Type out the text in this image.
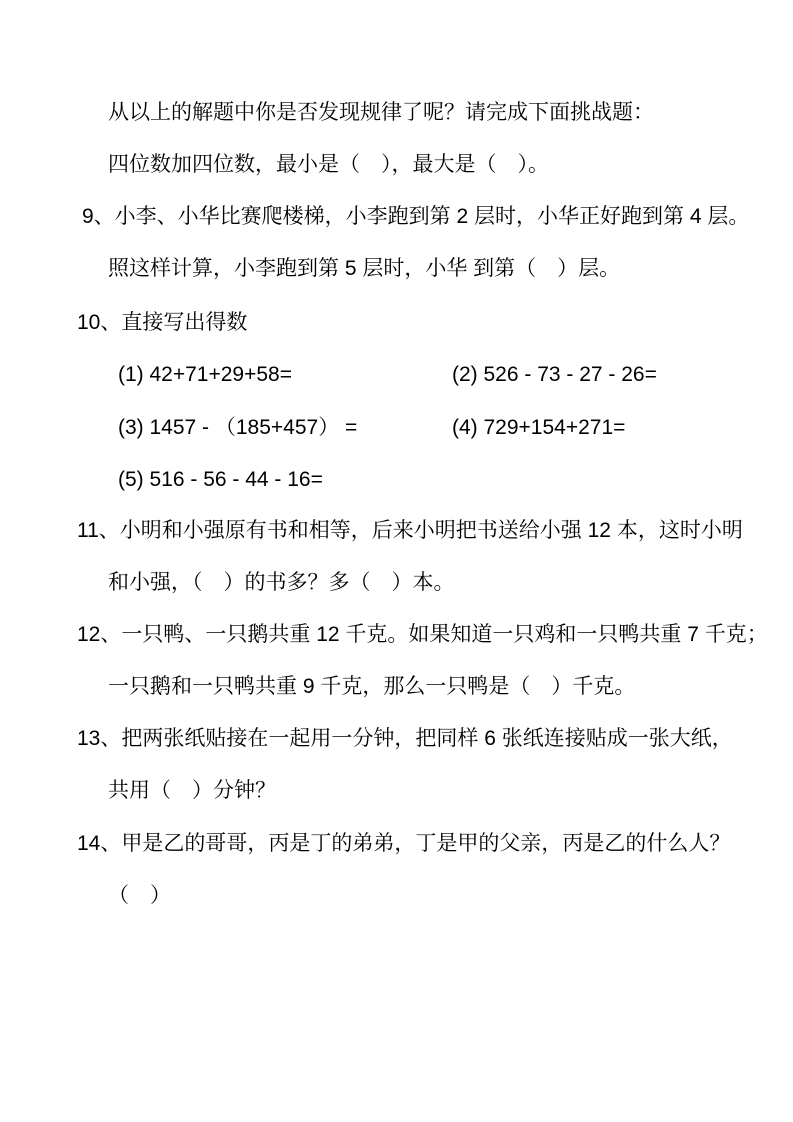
从以上的解题中你是否发现规律了呢？请完成下面挑战题：
四位数加四位数，最小是（　），最大是（　）。
9、小李、小华比赛爬楼梯，小李跑到第 2 层时，小华正好跑到第 4 层。
照这样计算，小李跑到第 5 层时，小华 到第（　）层。
10、直接写出得数

(1) 42+71+29+58=

	(2) 526 - 73 - 27 - 26=

(3) 1457 - （185+457） =

	(4) 729+154+271=

(5) 516 - 56 - 44 - 16=
11、小明和小强原有书和相等，后来小明把书送给小强 12 本，这时小明
和小强，（　）的书多？多（　）本。
12、一只鸭、一只鹅共重 12 千克。如果知道一只鸡和一只鸭共重 7 千克；
一只鹅和一只鸭共重 9 千克，那么一只鸭是（　）千克。
13、把两张纸贴接在一起用一分钟，把同样 6 张纸连接贴成一张大纸，
共用（　）分钟？
14、甲是乙的哥哥，丙是丁的弟弟，丁是甲的父亲，丙是乙的什么人？
（　）
